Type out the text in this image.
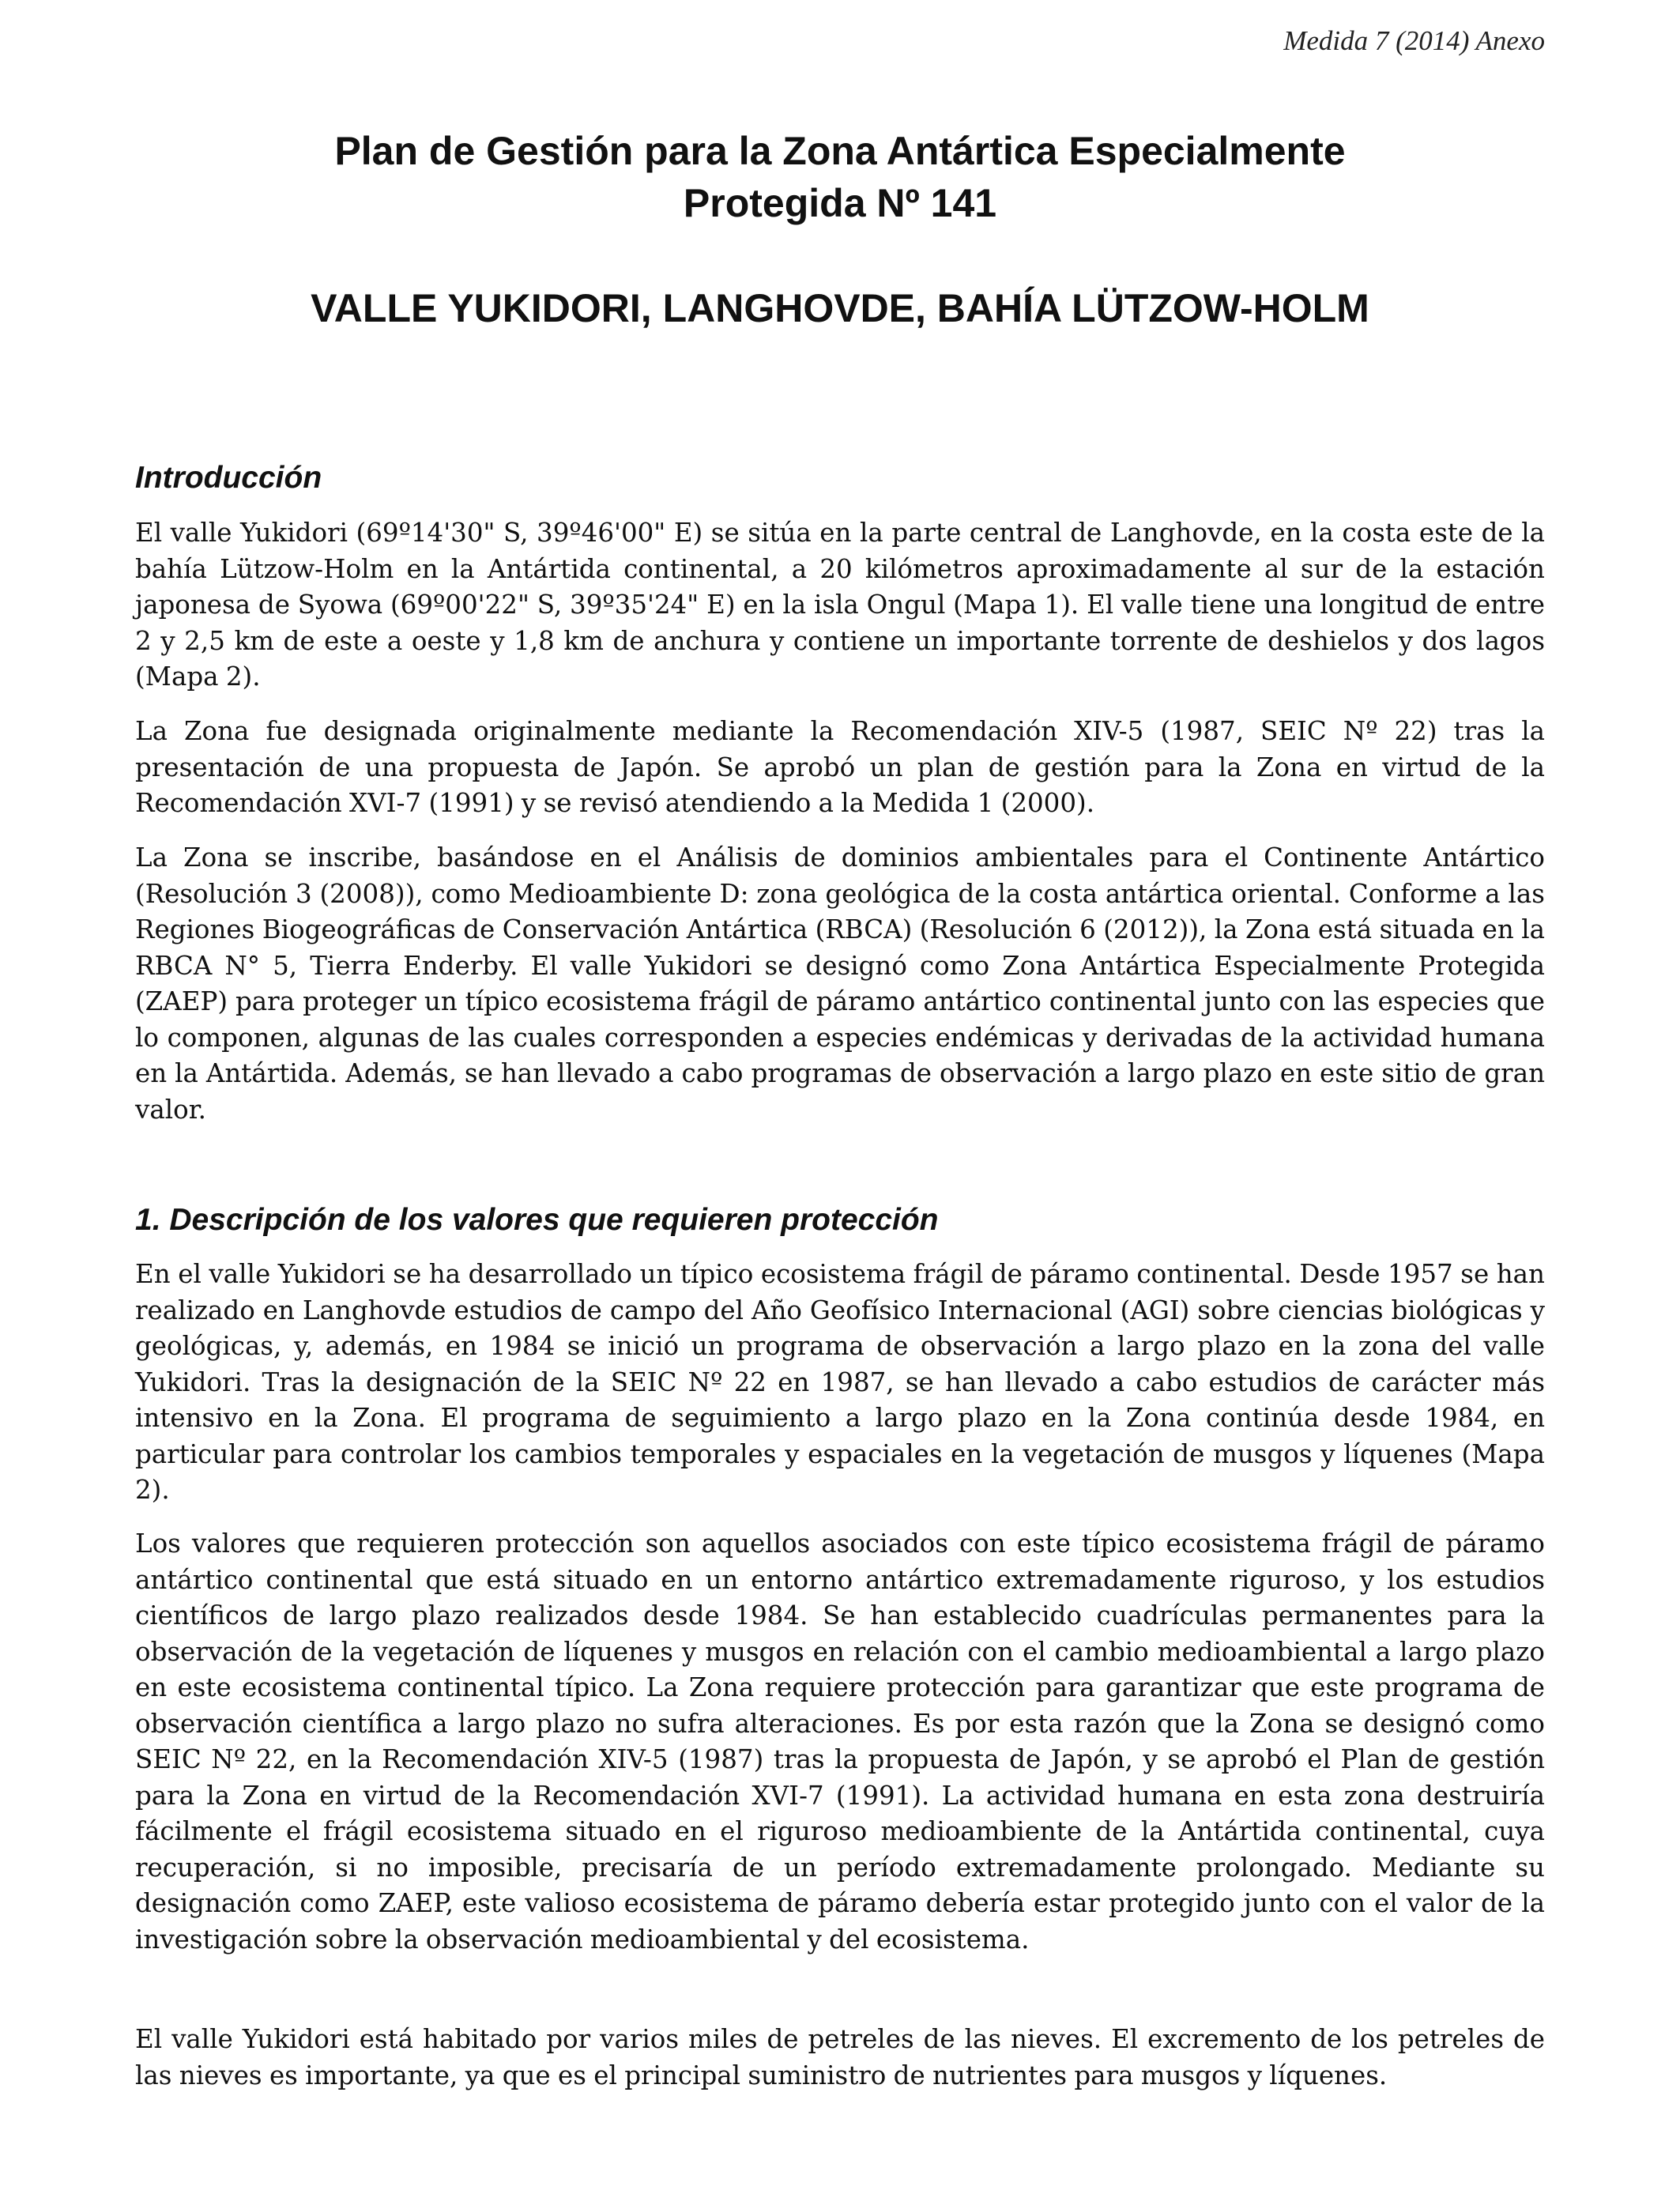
Medida 7 (2014) Anexo
Plan de Gestión para la Zona Antártica Especialmente
Protegida Nº 141
VALLE YUKIDORI, LANGHOVDE, BAHÍA LÜTZOW-HOLM
Introducción

El valle Yukidori (69º14'30" S, 39º46'00" E) se sitúa en la parte central de Langhovde, en la costa este de la bahía Lützow-Holm en la Antártida continental, a 20 kilómetros aproximadamente al sur de la estación japonesa de Syowa (69º00'22" S, 39º35'24" E) en la isla Ongul (Mapa 1). El valle tiene una longitud de entre 2 y 2,5 km de este a oeste y 1,8 km de anchura y contiene un importante torrente de deshielos y dos lagos (Mapa 2).

La Zona fue designada originalmente mediante la Recomendación XIV-5 (1987, SEIC Nº 22) tras la presentación de una propuesta de Japón. Se aprobó un plan de gestión para la Zona en virtud de la Recomendación XVI-7 (1991) y se revisó atendiendo a la Medida 1 (2000).

La Zona se inscribe, basándose en el Análisis de dominios ambientales para el Continente Antártico (Resolución 3 (2008)), como Medioambiente D: zona geológica de la costa antártica oriental. Conforme a las Regiones Biogeográficas de Conservación Antártica (RBCA) (Resolución 6 (2012)), la Zona está situada en la RBCA N° 5, Tierra Enderby. El valle Yukidori se designó como Zona Antártica Especialmente Protegida (ZAEP) para proteger un típico ecosistema frágil de páramo antártico continental junto con las especies que lo componen, algunas de las cuales corresponden a especies endémicas y derivadas de la actividad humana en la Antártida. Además, se han llevado a cabo programas de observación a largo plazo en este sitio de gran valor.

1. Descripción de los valores que requieren protección

En el valle Yukidori se ha desarrollado un típico ecosistema frágil de páramo continental. Desde 1957 se han realizado en Langhovde estudios de campo del Año Geofísico Internacional (AGI) sobre ciencias biológicas y geológicas, y, además, en 1984 se inició un programa de observación a largo plazo en la zona del valle Yukidori. Tras la designación de la SEIC Nº 22 en 1987, se han llevado a cabo estudios de carácter más intensivo en la Zona. El programa de seguimiento a largo plazo en la Zona continúa desde 1984, en particular para controlar los cambios temporales y espaciales en la vegetación de musgos y líquenes (Mapa 2).

Los valores que requieren protección son aquellos asociados con este típico ecosistema frágil de páramo antártico continental que está situado en un entorno antártico extremadamente riguroso, y los estudios científicos de largo plazo realizados desde 1984. Se han establecido cuadrículas permanentes para la observación de la vegetación de líquenes y musgos en relación con el cambio medioambiental a largo plazo en este ecosistema continental típico. La Zona requiere protección para garantizar que este programa de observación científica a largo plazo no sufra alteraciones. Es por esta razón que la Zona se designó como SEIC Nº 22, en la Recomendación XIV-5 (1987) tras la propuesta de Japón, y se aprobó el Plan de gestión para la Zona en virtud de la Recomendación XVI-7 (1991). La actividad humana en esta zona destruiría fácilmente el frágil ecosistema situado en el riguroso medioambiente de la Antártida continental, cuya recuperación, si no imposible, precisaría de un período extremadamente prolongado. Mediante su designación como ZAEP, este valioso ecosistema de páramo debería estar protegido junto con el valor de la investigación sobre la observación medioambiental y del ecosistema.

El valle Yukidori está habitado por varios miles de petreles de las nieves. El excremento de los petreles de las nieves es importante, ya que es el principal suministro de nutrientes para musgos y líquenes.
